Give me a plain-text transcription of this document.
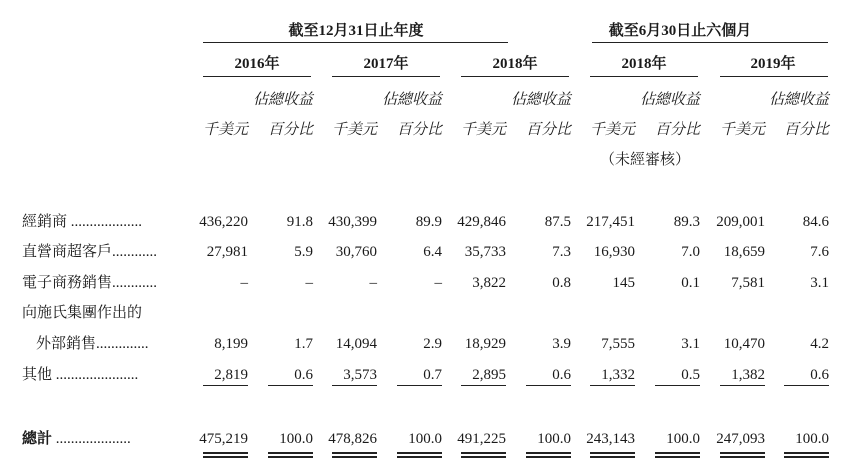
截至12月31日止年度	截至6月30日止六個月
2016年	2017年	2018年	2018年	2019年
佔總收益	佔總收益	佔總收益	佔總收益	佔總收益
千美元 百分比 千美元 百分比 千美元 百分比 千美元 百分比 千美元 百分比
（未經審核）
經銷商 ...................	436,220	91.8 430,399	89.9 429,846	87.5 217,451	89.3 209,001	84.6
直營商超客戶............	27,981	5.9 30,760	6.4 35,733	7.3 16,930	7.0 18,659	7.6
電子商務銷售............	–	–	–	– 3,822	0.8	145	0.1 7,581	3.1
向施氏集團作出的
外部銷售..............	8,199	1.7 14,094	2.9 18,929	3.9 7,555	3.1 10,470	4.2
其他 ......................	2,819	0.6 3,573	0.7 2,895	0.6 1,332	0.5 1,382	0.6
總計 ....................	475,219 100.0 478,826 100.0 491,225 100.0 243,143 100.0 247,093 100.0
